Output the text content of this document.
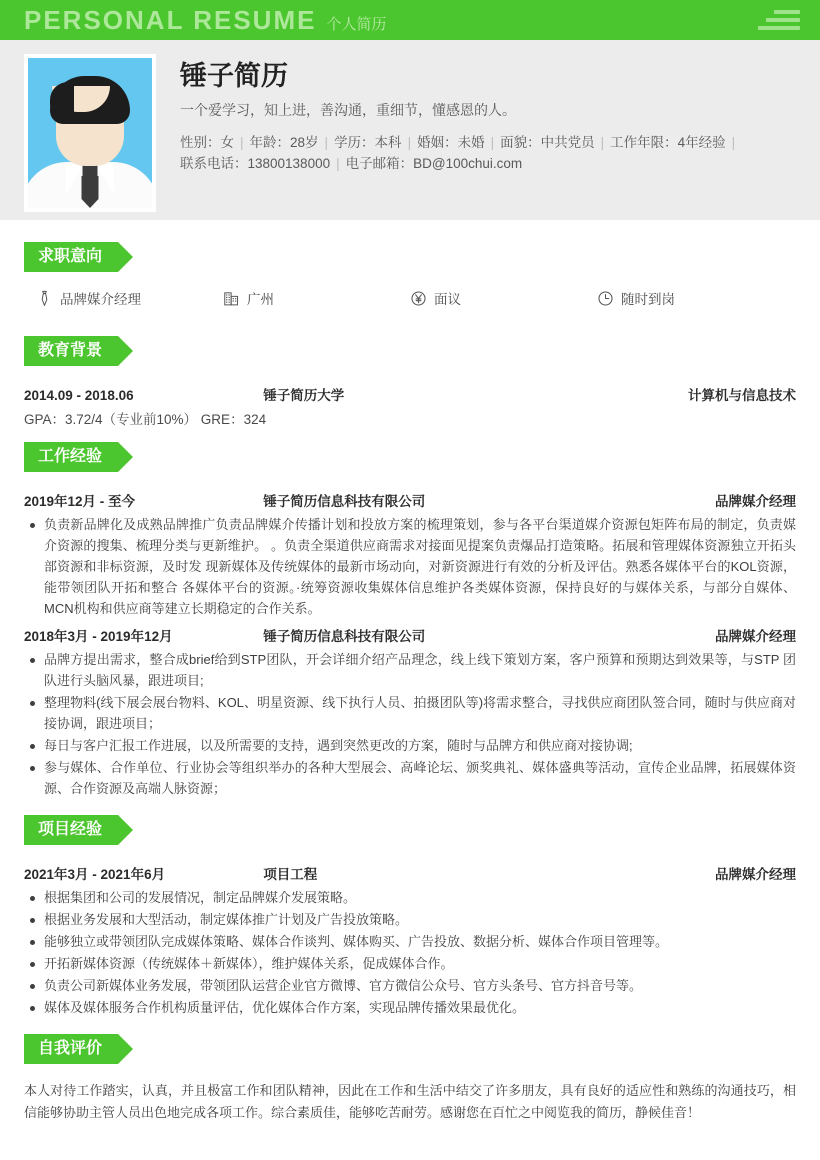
PERSONAL RESUME 个人简历
锤子简历
一个爱学习，知上进，善沟通，重细节，懂感恩的人。
性别：女 | 年龄：28岁 | 学历：本科 | 婚姻：未婚 | 面貌：中共党员 | 工作年限：4年经验 |
联系电话：13800138000 | 电子邮箱：BD@100chui.com
求职意向
品牌媒介经理	广州	面议	随时到岗
教育背景
2014.09 - 2018.06	锤子简历大学	计算机与信息技术
GPA：3.72/4（专业前10%） GRE：324
工作经验
2019年12月 - 至今	锤子简历信息科技有限公司	品牌媒介经理
负责新品牌化及成熟品牌推广负责品牌媒介传播计划和投放方案的梳理策划，参与各平台渠道媒介资源包矩阵布局的制定，负责媒介资源的搜集、梳理分类与更新维护。 。负责全渠道供应商需求对接面见提案负责爆品打造策略。拓展和管理媒体资源独立开拓头部资源和非标资源，及时发 现新媒体及传统媒体的最新市场动向，对新资源进行有效的分析及评估。熟悉各媒体平台的KOL资源，能带领团队开拓和整合 各媒体平台的资源。·统筹资源收集媒体信息维护各类媒体资源，保持良好的与媒体关系，与部分自媒体、MCN机构和供应商等建立长期稳定的合作关系。
2018年3月 - 2019年12月	锤子简历信息科技有限公司	品牌媒介经理
品牌方提出需求，整合成brief给到STP团队，开会详细介绍产品理念，线上线下策划方案，客户预算和预期达到效果等，与STP 团队进行头脑风暴，跟进项目;
整理物料(线下展会展台物料、KOL、明星资源、线下执行人员、拍摄团队等)将需求整合，寻找供应商团队签合同，随时与供应商对接协调，跟进项目；
每日与客户汇报工作进展，以及所需要的支持，遇到突然更改的方案，随时与品牌方和供应商对接协调;
参与媒体、合作单位、行业协会等组织举办的各种大型展会、高峰论坛、颁奖典礼、媒体盛典等活动，宣传企业品牌，拓展媒体资源、合作资源及高端人脉资源；
项目经验
2021年3月 - 2021年6月	项目工程	品牌媒介经理
根据集团和公司的发展情况，制定品牌媒介发展策略。
根据业务发展和大型活动，制定媒体推广计划及广告投放策略。
能够独立或带领团队完成媒体策略、媒体合作谈判、媒体购买、广告投放、数据分析、媒体合作项目管理等。
开拓新媒体资源（传统媒体＋新媒体），维护媒体关系，促成媒体合作。
负责公司新媒体业务发展，带领团队运营企业官方微博、官方微信公众号、官方头条号、官方抖音号等。
媒体及媒体服务合作机构质量评估，优化媒体合作方案，实现品牌传播效果最优化。
自我评价
本人对待工作踏实，认真，并且极富工作和团队精神，因此在工作和生活中结交了许多朋友，具有良好的适应性和熟练的沟通技巧，相信能够协助主管人员出色地完成各项工作。综合素质佳，能够吃苦耐劳。感谢您在百忙之中阅览我的简历，静候佳音！
